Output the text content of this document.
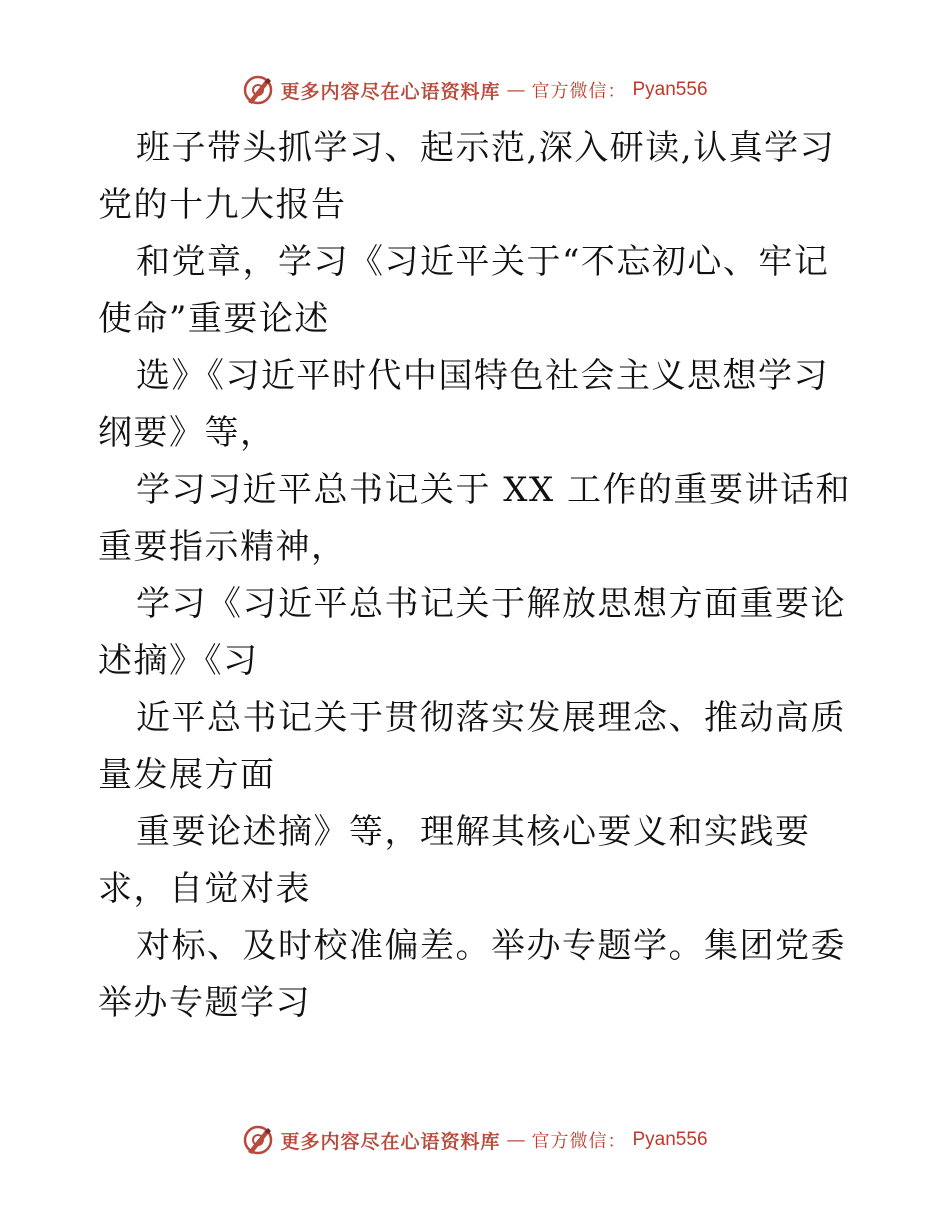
更多内容尽在心语资料库 — 官方微信： Pyan556

班子带头抓学习、起示范,深入研读,认真学习党的十九大报告

和党章，学习《习近平关于“不忘初心、牢记使命”重要论述

选》《习近平时代中国特色社会主义思想学习纲要》等，

学习习近平总书记关于 XX 工作的重要讲话和重要指示精神，

学习《习近平总书记关于解放思想方面重要论述摘》《习

近平总书记关于贯彻落实发展理念、推动高质量发展方面

重要论述摘》等，理解其核心要义和实践要求，自觉对表

对标、及时校准偏差。举办专题学。集团党委举办专题学习

更多内容尽在心语资料库 — 官方微信： Pyan556
